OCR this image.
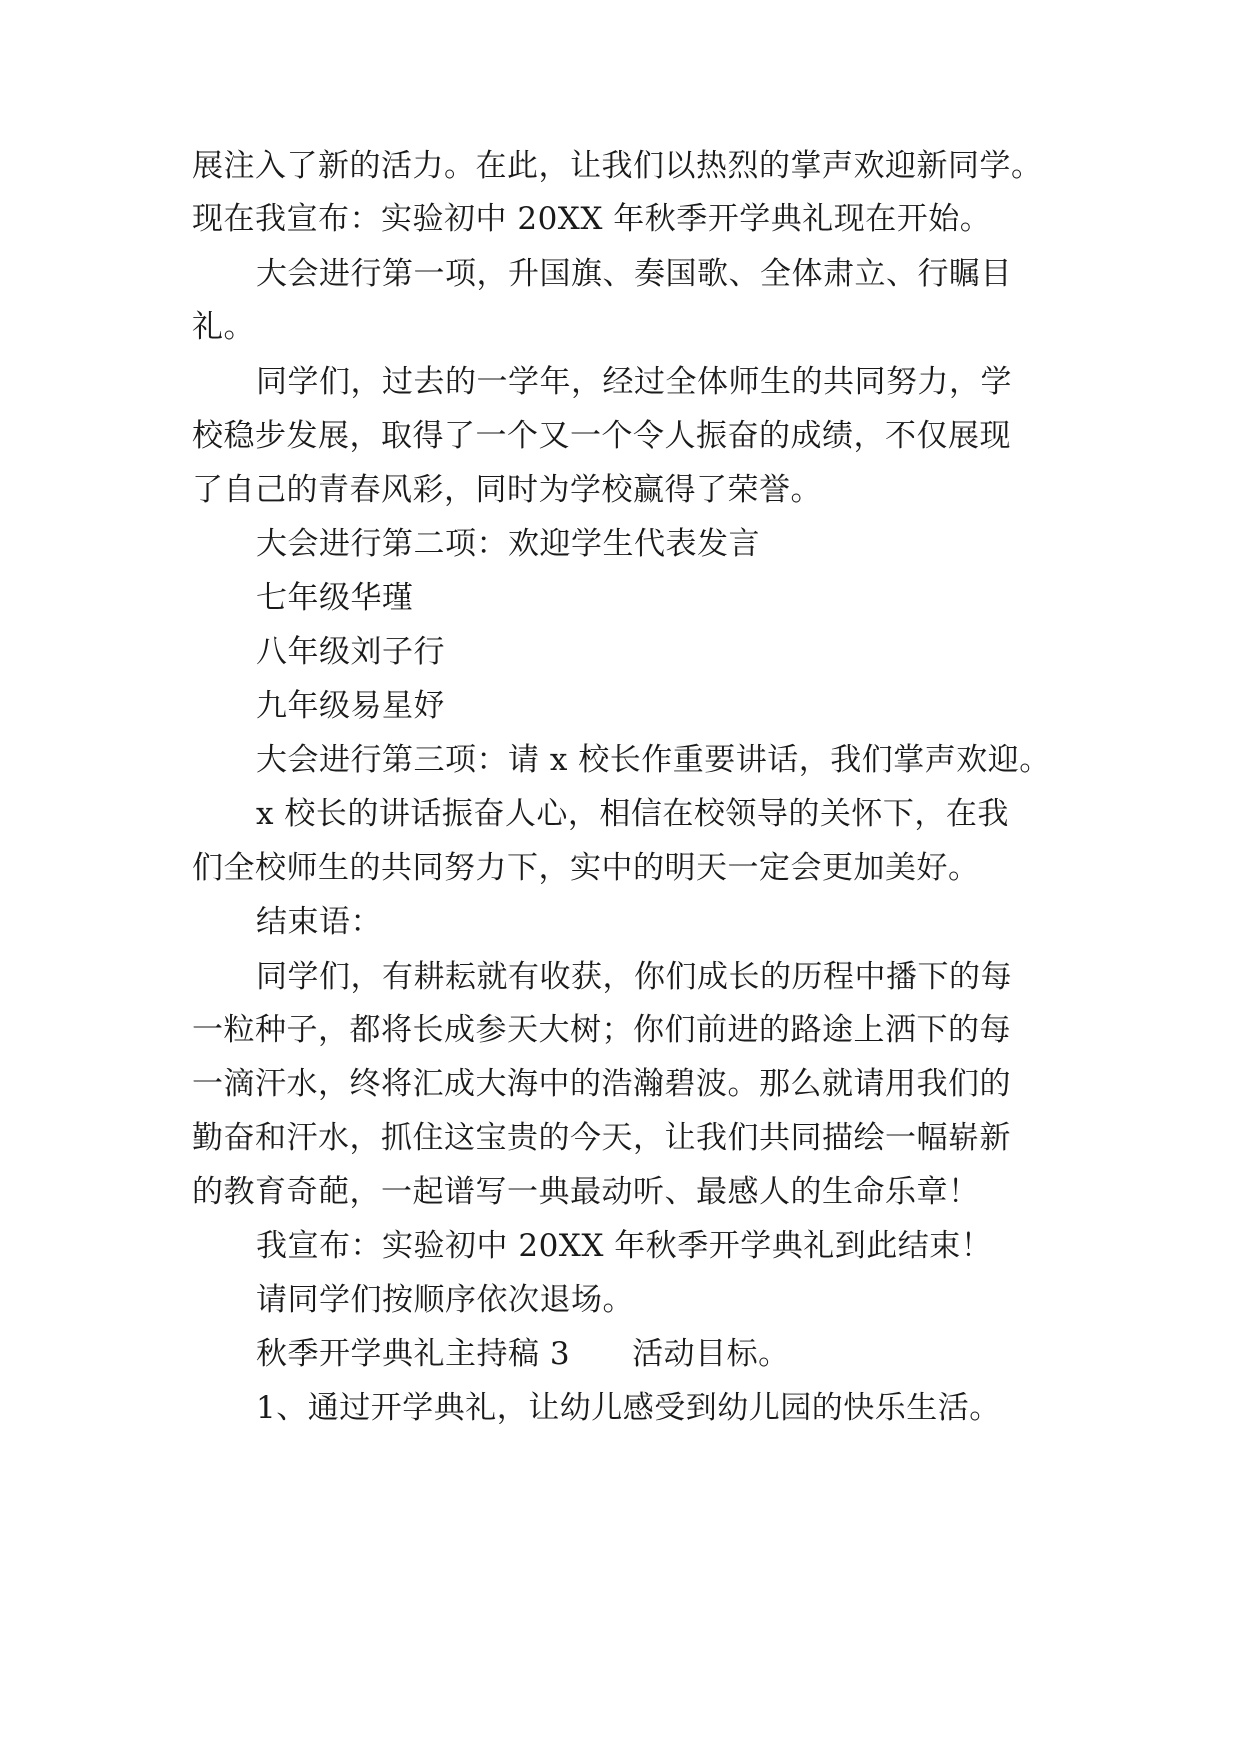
展注入了新的活力。在此，让我们以热烈的掌声欢迎新同学。
现在我宣布：实验初中 20XX 年秋季开学典礼现在开始。
大会进行第一项，升国旗、奏国歌、全体肃立、行瞩目
礼。
同学们，过去的一学年，经过全体师生的共同努力，学
校稳步发展，取得了一个又一个令人振奋的成绩，不仅展现
了自己的青春风彩，同时为学校赢得了荣誉。
大会进行第二项：欢迎学生代表发言
七年级华瑾
八年级刘子行
九年级易星妤
大会进行第三项：请 x 校长作重要讲话，我们掌声欢迎。
x 校长的讲话振奋人心，相信在校领导的关怀下，在我
们全校师生的共同努力下，实中的明天一定会更加美好。
结束语：
同学们，有耕耘就有收获，你们成长的历程中播下的每
一粒种子，都将长成参天大树；你们前进的路途上洒下的每
一滴汗水，终将汇成大海中的浩瀚碧波。那么就请用我们的
勤奋和汗水，抓住这宝贵的今天，让我们共同描绘一幅崭新
的教育奇葩，一起谱写一典最动听、最感人的生命乐章！
我宣布：实验初中 20XX 年秋季开学典礼到此结束！
请同学们按顺序依次退场。
秋季开学典礼主持稿 3 活动目标。
1、通过开学典礼，让幼儿感受到幼儿园的快乐生活。
